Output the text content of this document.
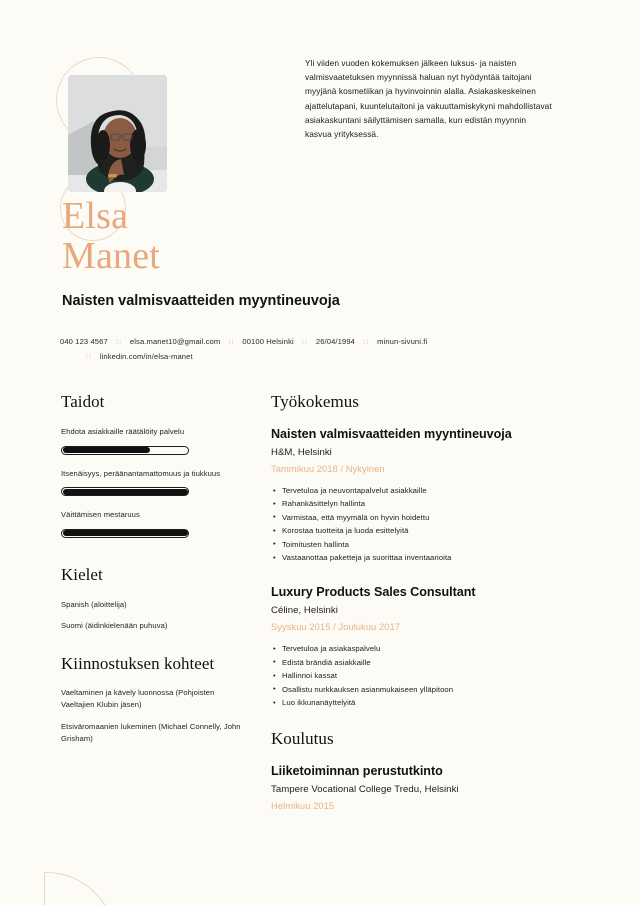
Yli viiden vuoden kokemuksen jälkeen luksus- ja naisten valmisvaatetuksen myynnissä haluan nyt hyödyntää taitojani myyjänä kosmetiikan ja hyvinvoinnin alalla. Asiakaskeskeinen ajattelutapani, kuuntelutaitoni ja vakuuttamiskykyni mahdollistavat asiakaskuntani säilyttämisen samalla, kun edistän myynnin kasvua yrityksessä.
Elsa
Manet
Naisten valmisvaatteiden myyntineuvoja
040 123 4567 ∷ elsa.manet10@gmail.com ∷ 00100 Helsinki ∷ 26/04/1994 ∷ minun-sivuni.fi
∷ linkedin.com/in/elsa-manet
Taidot
Ehdota asiakkaille räätälöity palvelu
Itsenäisyys, peräänantamattomuus ja tiukkuus
Väittämisen mestaruus
Kielet
Spanish (aloittelija)
Suomi (äidinkielenään puhuva)
Kiinnostuksen kohteet
Vaeltaminen ja kävely luonnossa (Pohjoisten Vaeltajien Klubin jäsen)
Etsiväromaanien lukeminen (Michael Connelly, John Grisham)
Työkokemus
Naisten valmisvaatteiden myyntineuvoja
H&M, Helsinki
Tammikuu 2018 / Nykyinen
• Tervetuloa ja neuvontapalvelut asiakkaille
• Rahankäsittelyn hallinta
• Varmistaa, että myymälä on hyvin hoidettu
• Korostaa tuotteita ja luoda esittelyitä
• Toimitusten hallinta
• Vastaanottaa paketteja ja suorittaa inventaarioita
Luxury Products Sales Consultant
Céline, Helsinki
Syyskuu 2015 / Joulukuu 2017
• Tervetuloa ja asiakaspalvelu
• Edistä brändiä asiakkaille
• Hallinnoi kassat
• Osallistu nurkkauksen asianmukaiseen ylläpitoon
• Luo ikkunanäyttelyitä
Koulutus
Liiketoiminnan perustutkinto
Tampere Vocational College Tredu, Helsinki
Helmikuu 2015
